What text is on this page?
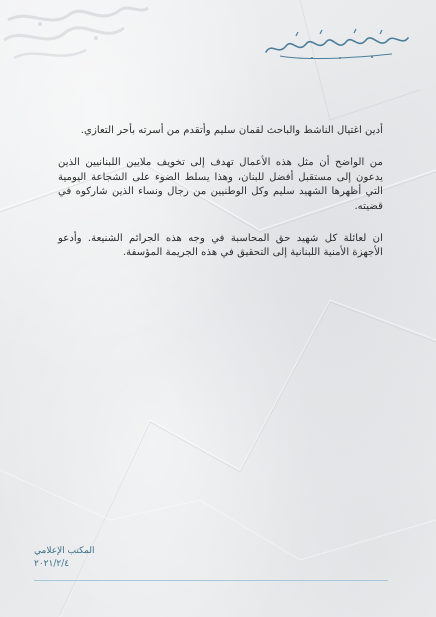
أدين اغتيال الناشط والباحث لقمان سليم وأتقدم من أسرته بأحر التعازي.

من الواضح أن مثل هذه الأعمال تهدف إلى تخويف ملايين اللبنانيين الذين يدعون إلى مستقبل أفضل للبنان، وهذا يسلط الضوء على الشجاعة اليومية التي أظهرها الشهيد سليم وكل الوطنيين من رجال ونساء الذين شاركوه في قضيته.

ان لعائلة كل شهيد حق المحاسبة في وجه هذه الجرائم الشنيعة. وأدعو الأجهزة الأمنية اللبنانية إلى التحقيق في هذه الجريمة المؤسفة.

المكتب الإعلامي
٢٠٢١/٢/٤
